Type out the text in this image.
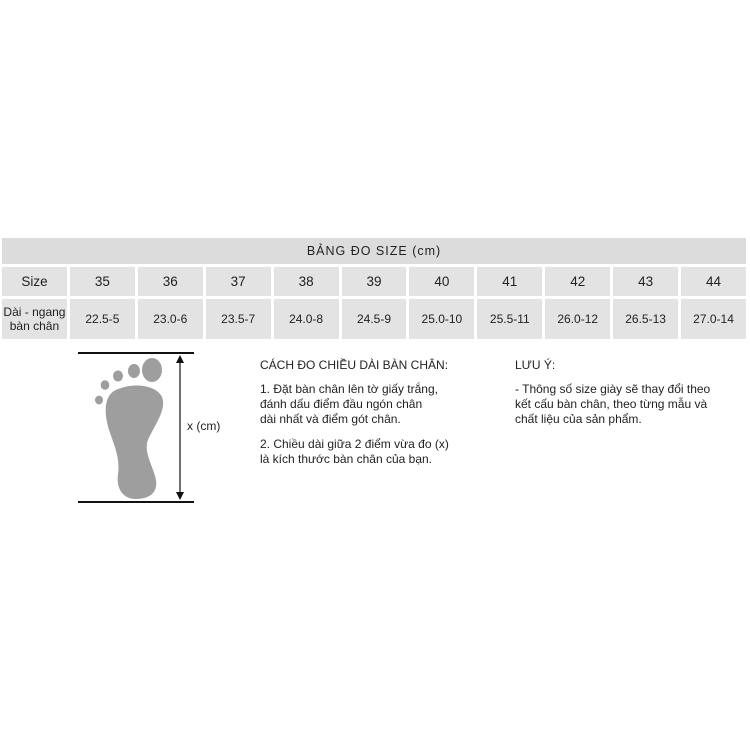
BẢNG ĐO SIZE (cm)										
Size	35	36	37	38	39	40	41	42	43	44

Dài - ngang
bàn chân	22.5-5	23.0-6	23.5-7	24.0-8	24.5-9	25.0-10	25.5-11	26.0-12	26.5-13	27.0-14
x (cm)
CÁCH ĐO CHIỀU DÀI BÀN CHÂN:
1. Đặt bàn chân lên tờ giấy trắng,
đánh dấu điểm đầu ngón chân
dài nhất và điểm gót chân.
2. Chiều dài giữa 2 điểm vừa đo (x)
là kích thước bàn chân của bạn.
LƯU Ý:
- Thông số size giày sẽ thay đổi theo
kết cấu bàn chân, theo từng mẫu và
chất liệu của sản phẩm.
